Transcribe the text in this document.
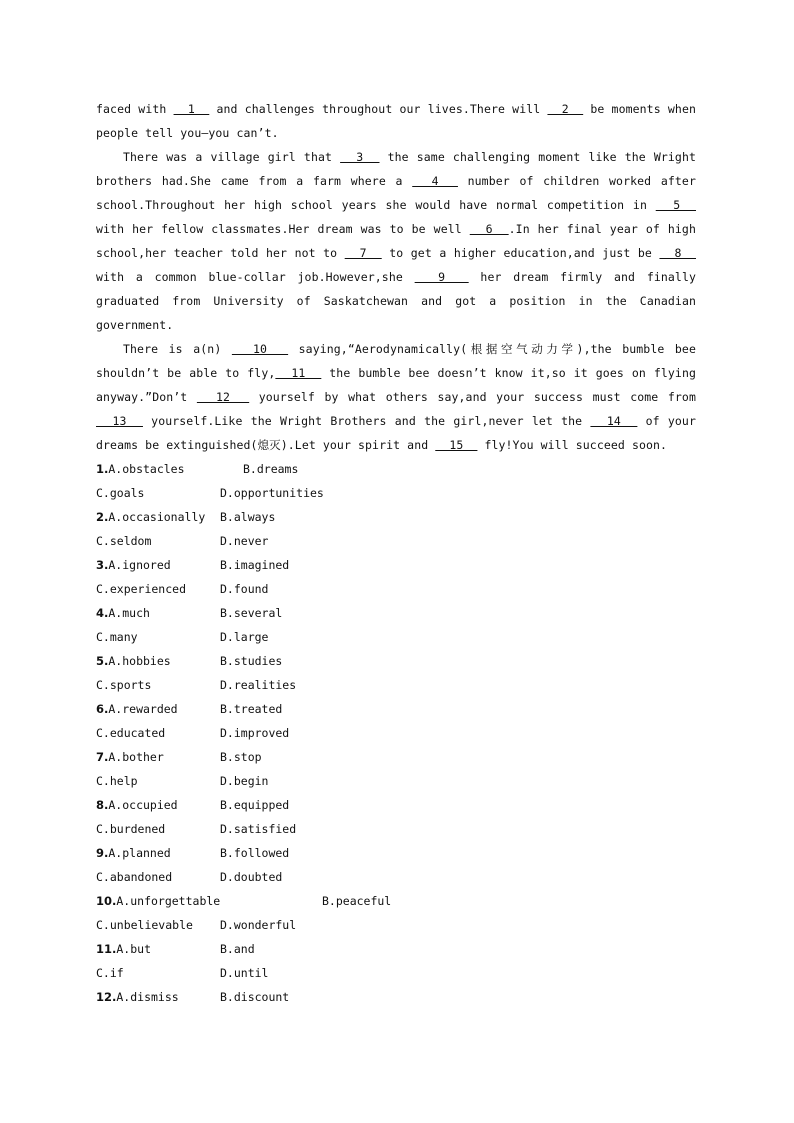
faced with   1   and challenges throughout our lives.There will   2   be moments when people tell you—you can’t.

There was a village girl that   3   the same challenging moment like the Wright brothers had.She came from a farm where a   4   number of children worked after school.Throughout her high school years she would have normal competition in   5   with her fellow classmates.Her dream was to be well   6  .In her final year of high school,her teacher told her not to   7   to get a higher education,and just be   8   with a common blue-collar job.However,she   9   her dream firmly and finally graduated from University of Saskatchewan and got a position in the Canadian government.

There is a(n)   10   saying,“Aerodynamically(根据空气动力学),the bumble bee shouldn’t be able to fly,  11   the bumble bee doesn’t know it,so it goes on flying anyway.”Don’t   12   yourself by what others say,and your success must come from   13   yourself.Like the Wright Brothers and the girl,never let the   14   of your dreams be extinguished(熄灭).Let your spirit and   15   fly!You will succeed soon.

1.A.obstacles	B.dreams
C.goals	D.opportunities
2.A.occasionally B.always
C.seldom	D.never
3.A.ignored	B.imagined
C.experienced	D.found
4.A.much	B.several
C.many	D.large
5.A.hobbies	B.studies
C.sports	D.realities
6.A.rewarded	B.treated
C.educated	D.improved
7.A.bother	B.stop
C.help	D.begin
8.A.occupied	B.equipped
C.burdened	D.satisfied
9.A.planned	B.followed
C.abandoned	D.doubted
10.A.unforgettable	B.peaceful
C.unbelievable D.wonderful
11.A.but	B.and
C.if	D.until
12.A.dismiss	B.discount
